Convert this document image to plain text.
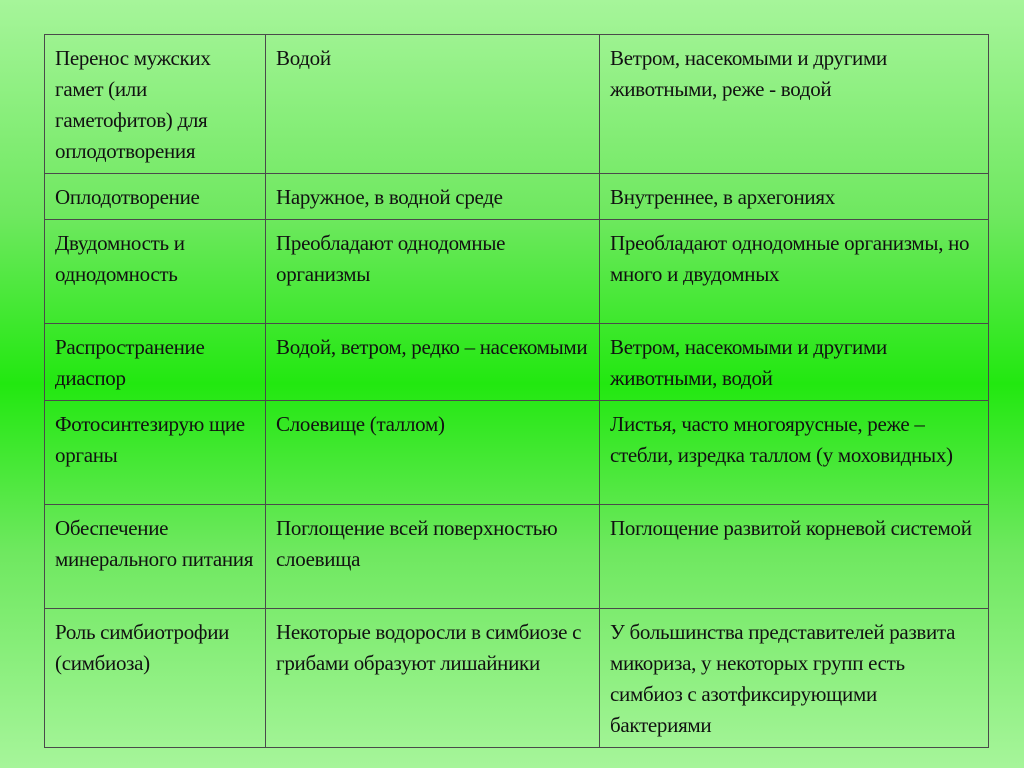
Перенос мужских гамет (или гаметофитов) для оплодотворения	Водой	Ветром, насекомыми и другими животными, реже - водой
Оплодотворение	Наружное, в водной среде	Внутреннее, в архегониях
Двудомность и однодомность	Преобладают однодомные организмы	Преобладают однодомные организмы, но много и двудомных
Распространение диаспор	Водой, ветром, редко – насекомыми	Ветром, насекомыми и другими животными, водой
Фотосинтезирую щие органы	Слоевище (таллом)	Листья, часто многоярусные, реже – стебли, изредка таллом (у моховидных)
Обеспечение минерального питания	Поглощение всей поверхностью слоевища	Поглощение развитой корневой системой
Роль симбиотрофии (симбиоза)	Некоторые водоросли в симбиозе с грибами образуют лишайники	У большинства представителей развита микориза, у некоторых групп есть симбиоз с азотфиксирующими бактериями
